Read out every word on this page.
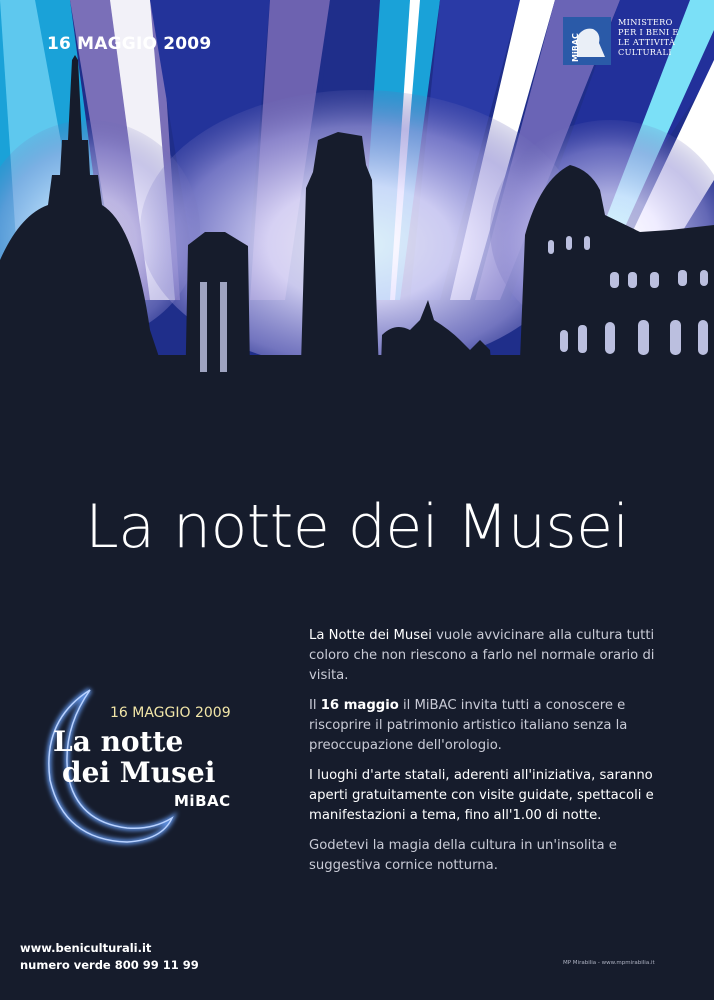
16 MAGGIO 2009	MiBAC
MINISTERO
PER I BENI E
LE ATTIVITÀ
CULTURALI
La notte dei Musei
16 MAGGIO 2009
La notte
dei Musei
MiBAC

La Notte dei Musei vuole avvicinare alla cultura tutti coloro che non riescono a farlo nel normale orario di visita.

Il 16 maggio il MiBAC invita tutti a conoscere e riscoprire il patrimonio artistico italiano senza la preoccupazione dell'orologio.

I luoghi d'arte statali, aderenti all'iniziativa, saranno aperti gratuitamente con visite guidate, spettacoli e manifestazioni a tema, fino all'1.00 di notte.

Godetevi la magia della cultura in un'insolita e suggestiva cornice notturna.

www.beniculturali.it
numero verde 800 99 11 99	MP Mirabilia - www.mpmirabilia.it
